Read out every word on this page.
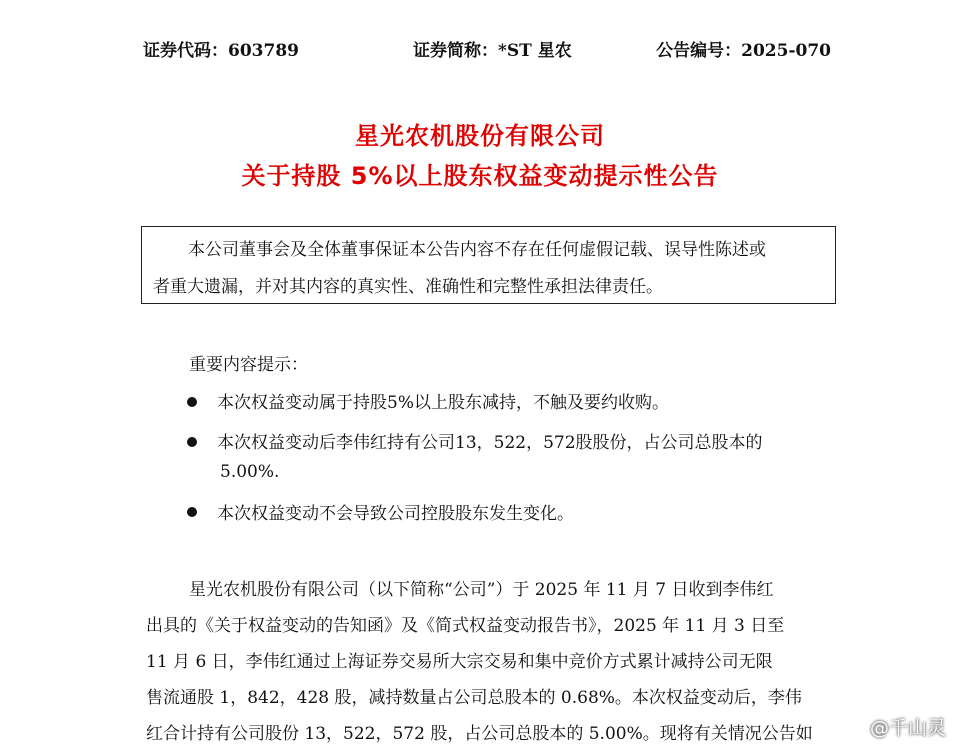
证券代码：603789	证券简称：*ST 星农	公告编号：2025-070
星光农机股份有限公司
关于持股 5%以上股东权益变动提示性公告
本公司董事会及全体董事保证本公告内容不存在任何虚假记载、误导性陈述或
者重大遗漏，并对其内容的真实性、准确性和完整性承担法律责任。
重要内容提示：
本次权益变动属于持股5%以上股东减持，不触及要约收购。
本次权益变动后李伟红持有公司13，522，572股股份，占公司总股本的
5.00%.
本次权益变动不会导致公司控股股东发生变化。
星光农机股份有限公司（以下简称“公司”）于 2025 年 11 月 7 日收到李伟红
出具的《关于权益变动的告知函》及《简式权益变动报告书》，2025 年 11 月 3 日至
11 月 6 日，李伟红通过上海证券交易所大宗交易和集中竞价方式累计减持公司无限
售流通股 1，842，428 股，减持数量占公司总股本的 0.68%。本次权益变动后，李伟
红合计持有公司股份 13，522，572 股，占公司总股本的 5.00%。现将有关情况公告如	@千山灵
